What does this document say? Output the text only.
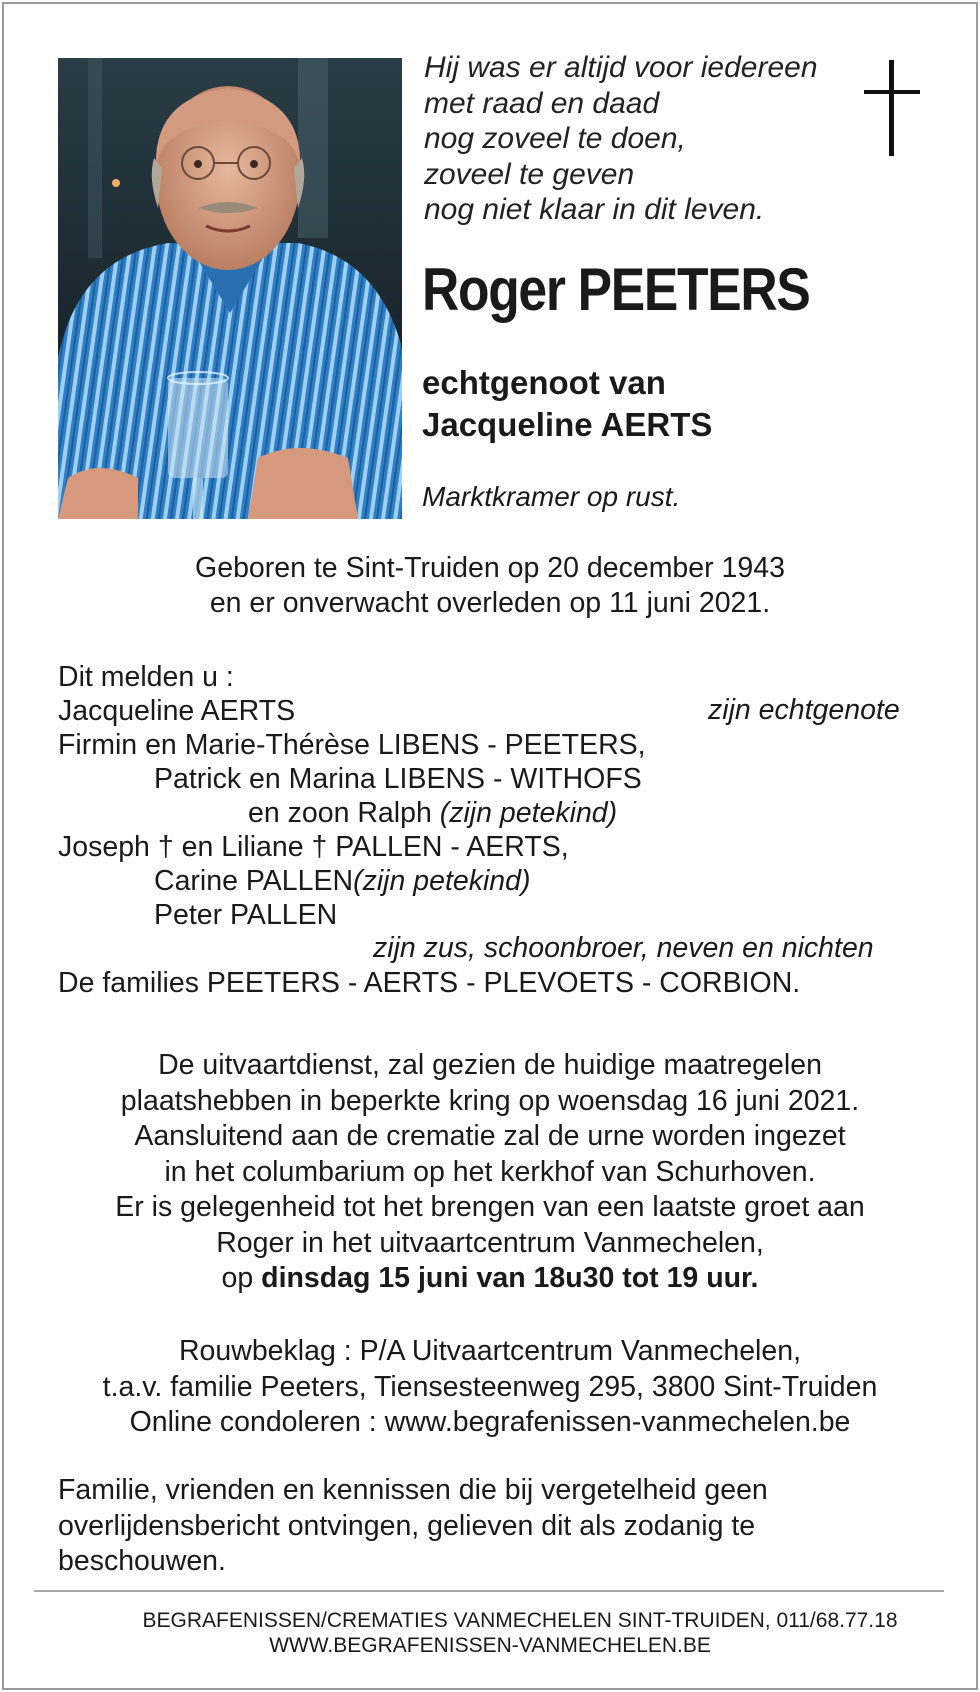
Hij was er altijd voor iedereen
met raad en daad
nog zoveel te doen,
zoveel te geven
nog niet klaar in dit leven.
Roger PEETERS
echtgenoot van
Jacqueline AERTS
Marktkramer op rust.
Geboren te Sint-Truiden op 20 december 1943
en er onverwacht overleden op 11 juni 2021.
Dit melden u :
Jacqueline AERTS	zijn echtgenote
Firmin en Marie-Thérèse LIBENS - PEETERS,
Patrick en Marina LIBENS - WITHOFS
en zoon Ralph (zijn petekind)
Joseph † en Liliane † PALLEN - AERTS,
Carine PALLEN(zijn petekind)
Peter PALLEN
zijn zus, schoonbroer, neven en nichten
De families PEETERS - AERTS - PLEVOETS - CORBION.
De uitvaartdienst, zal gezien de huidige maatregelen
plaatshebben in beperkte kring op woensdag 16 juni 2021.
Aansluitend aan de crematie zal de urne worden ingezet
in het columbarium op het kerkhof van Schurhoven.
Er is gelegenheid tot het brengen van een laatste groet aan
Roger in het uitvaartcentrum Vanmechelen,
op dinsdag 15 juni van 18u30 tot 19 uur.
Rouwbeklag : P/A Uitvaartcentrum Vanmechelen,
t.a.v. familie Peeters, Tiensesteenweg 295, 3800 Sint-Truiden
Online condoleren : www.begrafenissen-vanmechelen.be
Familie, vrienden en kennissen die bij vergetelheid geen overlijdensbericht ontvingen, gelieven dit als zodanig te beschouwen.
BEGRAFENISSEN/CREMATIES VANMECHELEN SINT-TRUIDEN, 011/68.77.18
WWW.BEGRAFENISSEN-VANMECHELEN.BE
